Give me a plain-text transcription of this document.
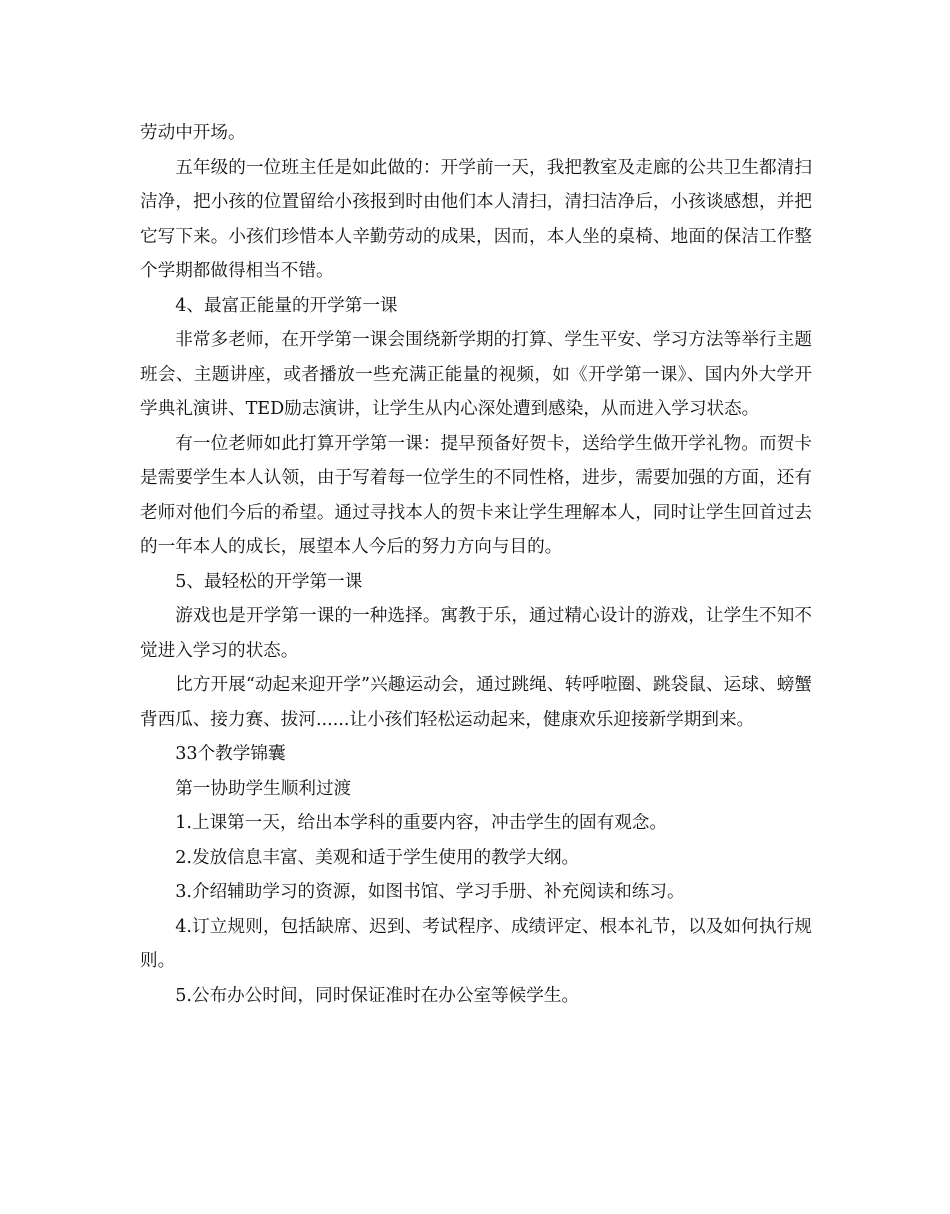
劳动中开场。

五年级的一位班主任是如此做的：开学前一天，我把教室及走廊的公共卫生都清扫洁净，把小孩的位置留给小孩报到时由他们本人清扫，清扫洁净后，小孩谈感想，并把它写下来。小孩们珍惜本人辛勤劳动的成果，因而，本人坐的桌椅、地面的保洁工作整个学期都做得相当不错。

4、最富正能量的开学第一课

非常多老师，在开学第一课会围绕新学期的打算、学生平安、学习方法等举行主题班会、主题讲座，或者播放一些充满正能量的视频，如《开学第一课》、国内外大学开学典礼演讲、TED励志演讲，让学生从内心深处遭到感染，从而进入学习状态。

有一位老师如此打算开学第一课：提早预备好贺卡，送给学生做开学礼物。而贺卡是需要学生本人认领，由于写着每一位学生的不同性格，进步，需要加强的方面，还有老师对他们今后的希望。通过寻找本人的贺卡来让学生理解本人，同时让学生回首过去的一年本人的成长，展望本人今后的努力方向与目的。

5、最轻松的开学第一课

游戏也是开学第一课的一种选择。寓教于乐，通过精心设计的游戏，让学生不知不觉进入学习的状态。

比方开展“动起来迎开学”兴趣运动会，通过跳绳、转呼啦圈、跳袋鼠、运球、螃蟹背西瓜、接力赛、拔河......让小孩们轻松运动起来，健康欢乐迎接新学期到来。

33个教学锦囊

第一协助学生顺利过渡

1.上课第一天，给出本学科的重要内容，冲击学生的固有观念。

2.发放信息丰富、美观和适于学生使用的教学大纲。

3.介绍辅助学习的资源，如图书馆、学习手册、补充阅读和练习。

4.订立规则，包括缺席、迟到、考试程序、成绩评定、根本礼节，以及如何执行规则。

5.公布办公时间，同时保证准时在办公室等候学生。
